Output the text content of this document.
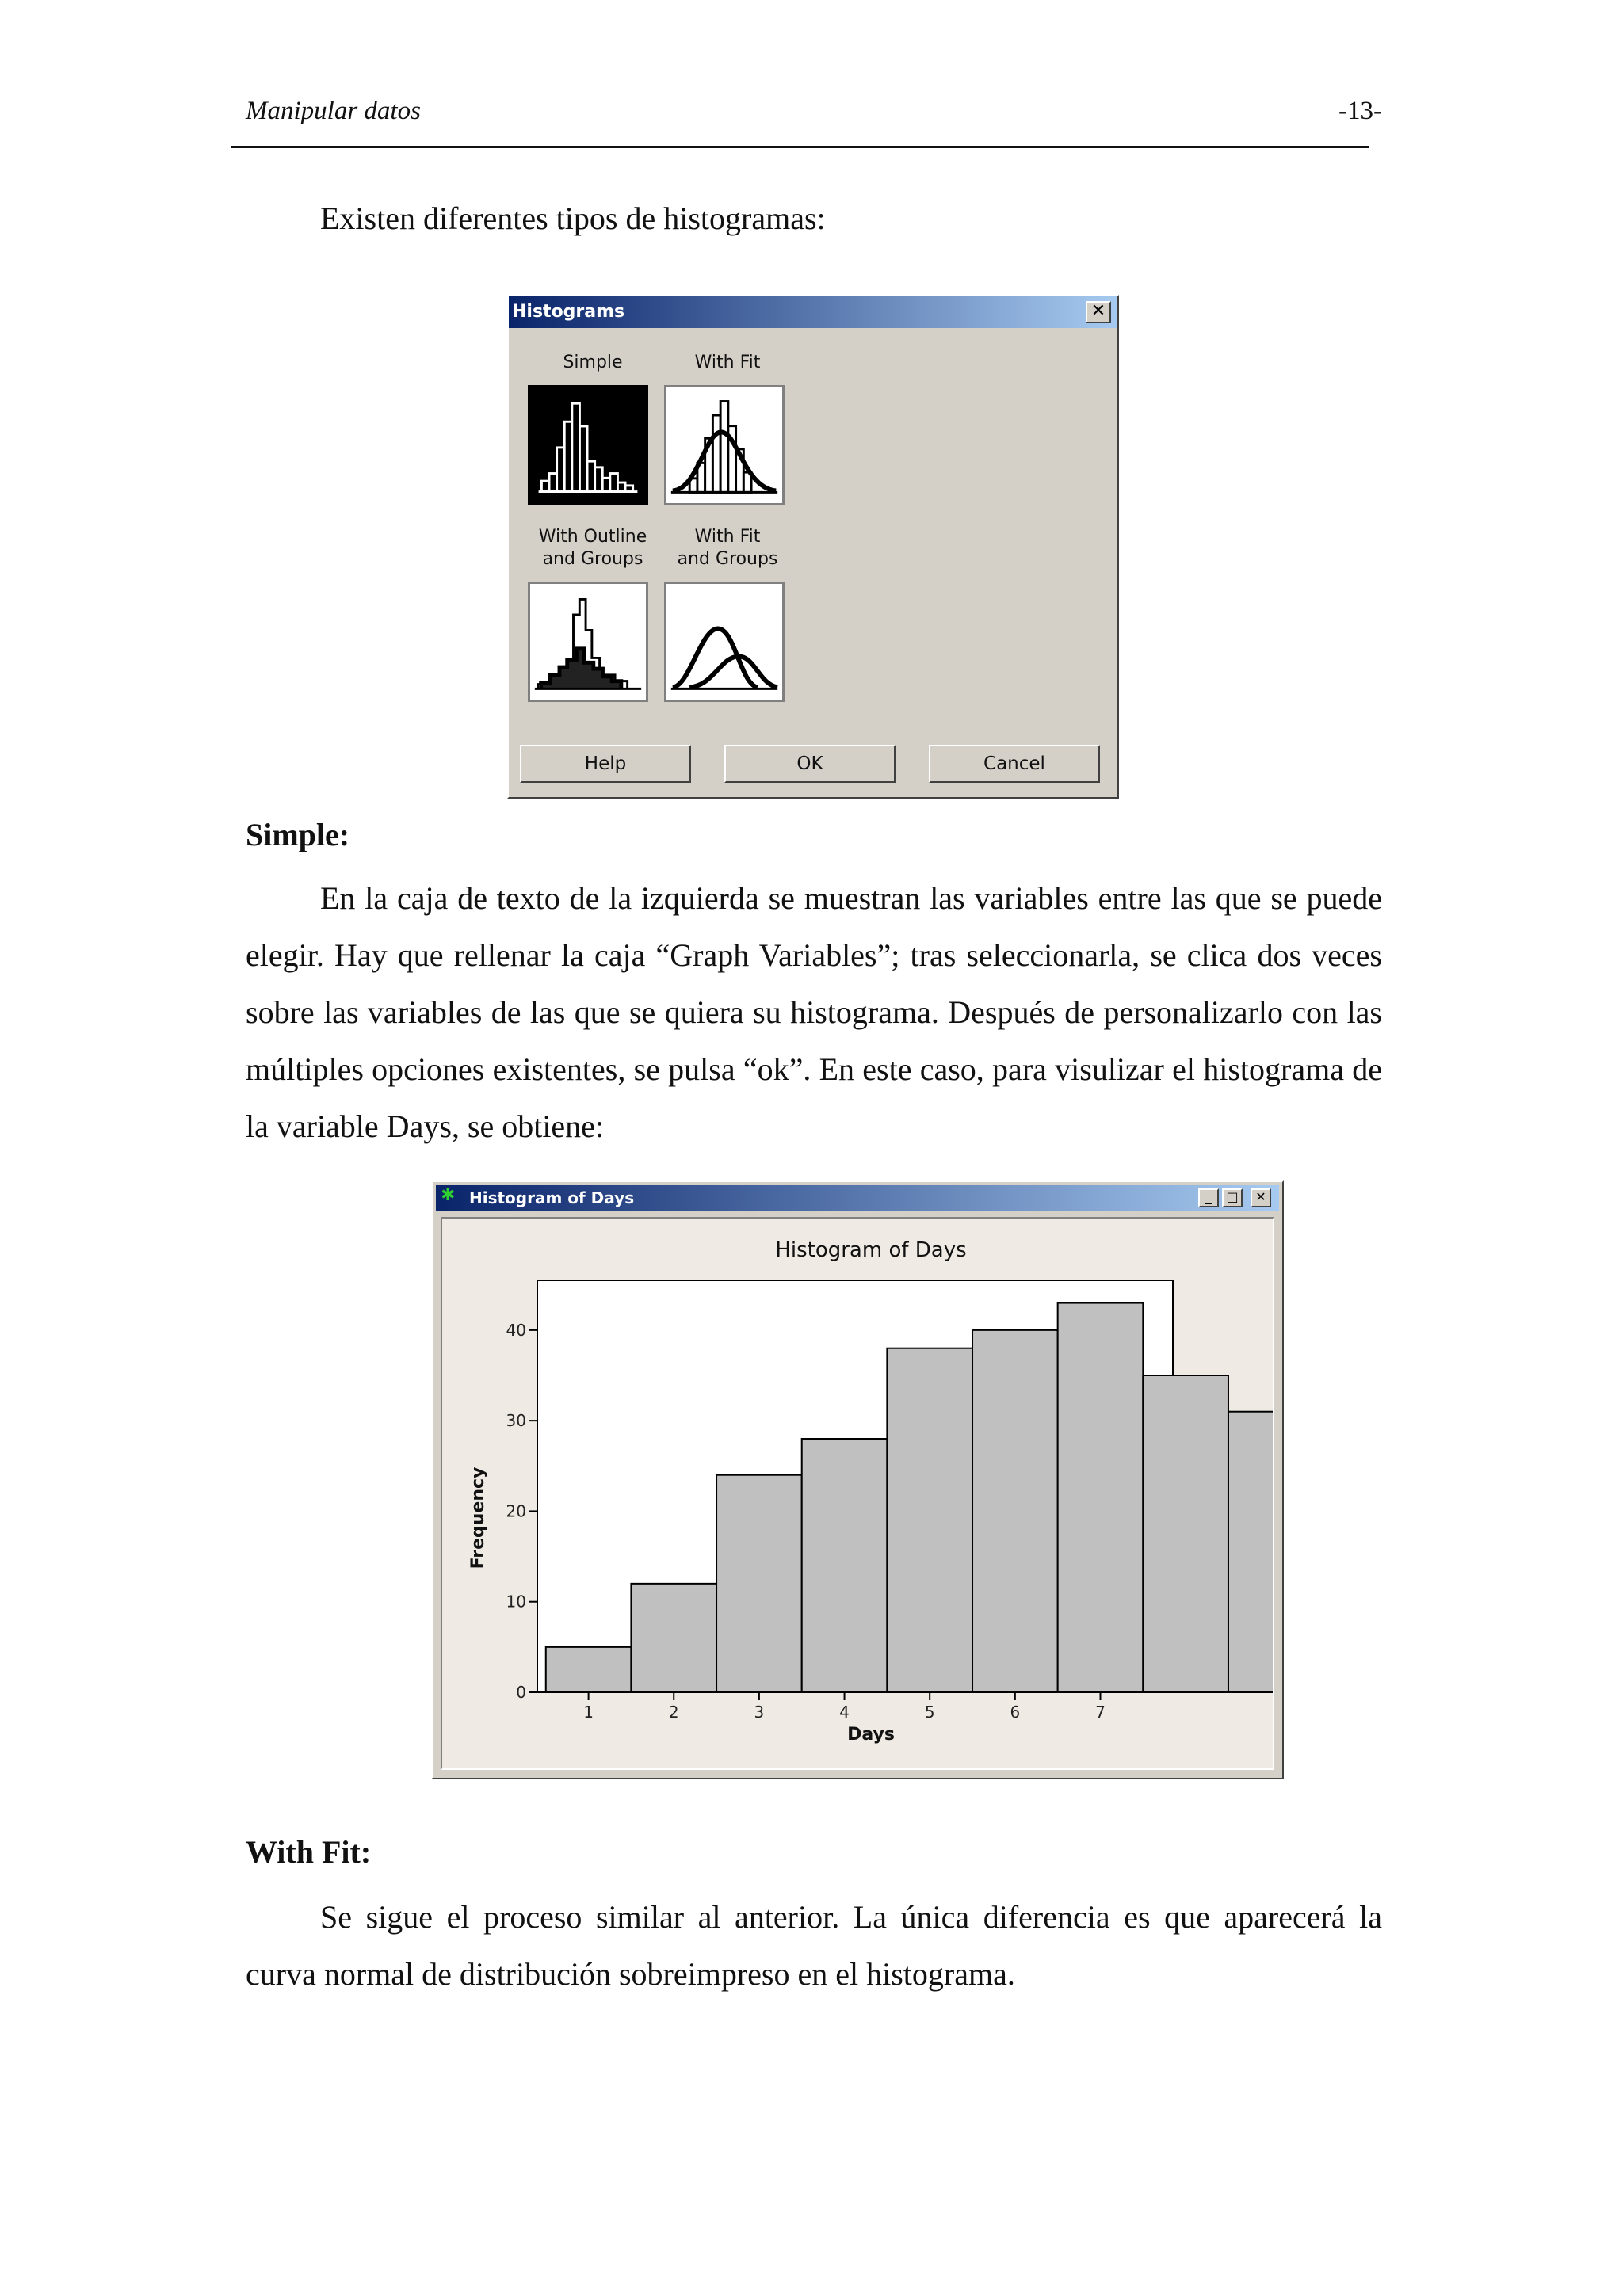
Manipular datos	-13-
Existen diferentes tipos de histogramas:
Histograms	✕
Simple	With Fit
With Outline
and Groups
With Fit
and Groups
Help	OK	Cancel
Simple:
En la caja de texto de la izquierda se muestran las variables entre las que se puede elegir. Hay que rellenar la caja “Graph Variables”; tras seleccionarla, se clica dos veces sobre las variables de las que se quiera su histograma. Después de personalizarlo con las múltiples opciones existentes, se pulsa “ok”. En este caso, para visulizar el histograma de la variable Days, se obtiene:
Histogram of Days
✱	_	□	✕
Histogram of Days
0
10
20
30
40
1	2	3	4	5	6	7
Days
Frequency
With Fit:
Se sigue el proceso similar al anterior. La única diferencia es que aparecerá la curva normal de distribución sobreimpreso en el histograma.
